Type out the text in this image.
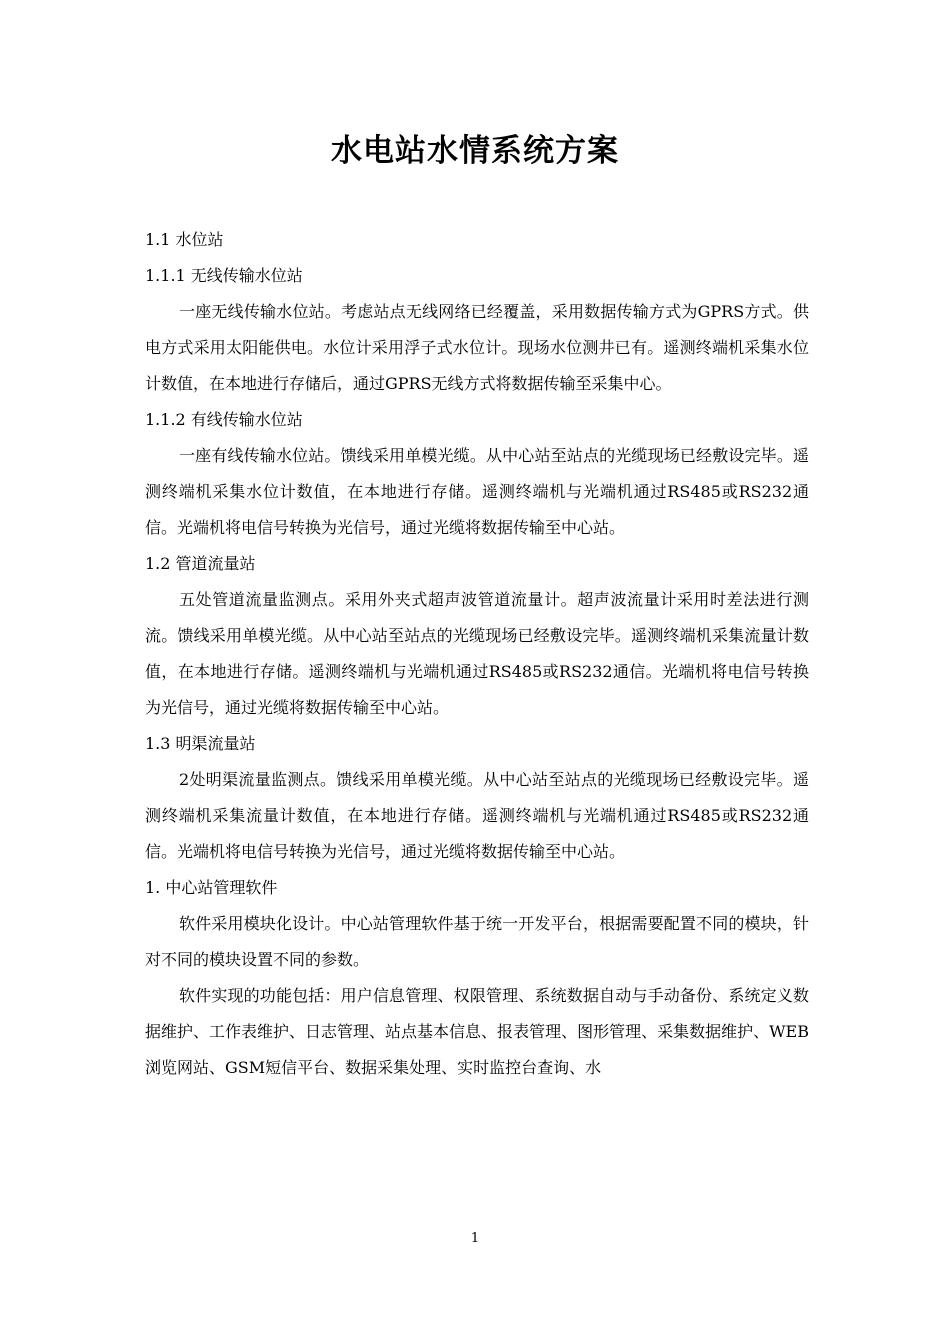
水电站水情系统方案
1.1 水位站
1.1.1 无线传输水位站

一座无线传输水位站。考虑站点无线网络已经覆盖，采用数据传输方式为GPRS方式。供电方式采用太阳能供电。水位计采用浮子式水位计。现场水位测井已有。遥测终端机采集水位计数值，在本地进行存储后，通过GPRS无线方式将数据传输至采集中心。

1.1.2 有线传输水位站

一座有线传输水位站。馈线采用单模光缆。从中心站至站点的光缆现场已经敷设完毕。遥测终端机采集水位计数值，在本地进行存储。遥测终端机与光端机通过RS485或RS232通信。光端机将电信号转换为光信号，通过光缆将数据传输至中心站。

1.2 管道流量站

五处管道流量监测点。采用外夹式超声波管道流量计。超声波流量计采用时差法进行测流。馈线采用单模光缆。从中心站至站点的光缆现场已经敷设完毕。遥测终端机采集流量计数值，在本地进行存储。遥测终端机与光端机通过RS485或RS232通信。光端机将电信号转换为光信号，通过光缆将数据传输至中心站。

1.3 明渠流量站

2处明渠流量监测点。馈线采用单模光缆。从中心站至站点的光缆现场已经敷设完毕。遥测终端机采集流量计数值，在本地进行存储。遥测终端机与光端机通过RS485或RS232通信。光端机将电信号转换为光信号，通过光缆将数据传输至中心站。

1. 中心站管理软件

软件采用模块化设计。中心站管理软件基于统一开发平台，根据需要配置不同的模块，针对不同的模块设置不同的参数。

软件实现的功能包括：用户信息管理、权限管理、系统数据自动与手动备份、系统定义数据维护、工作表维护、日志管理、站点基本信息、报表管理、图形管理、采集数据维护、WEB浏览网站、GSM短信平台、数据采集处理、实时监控台查询、水

1
